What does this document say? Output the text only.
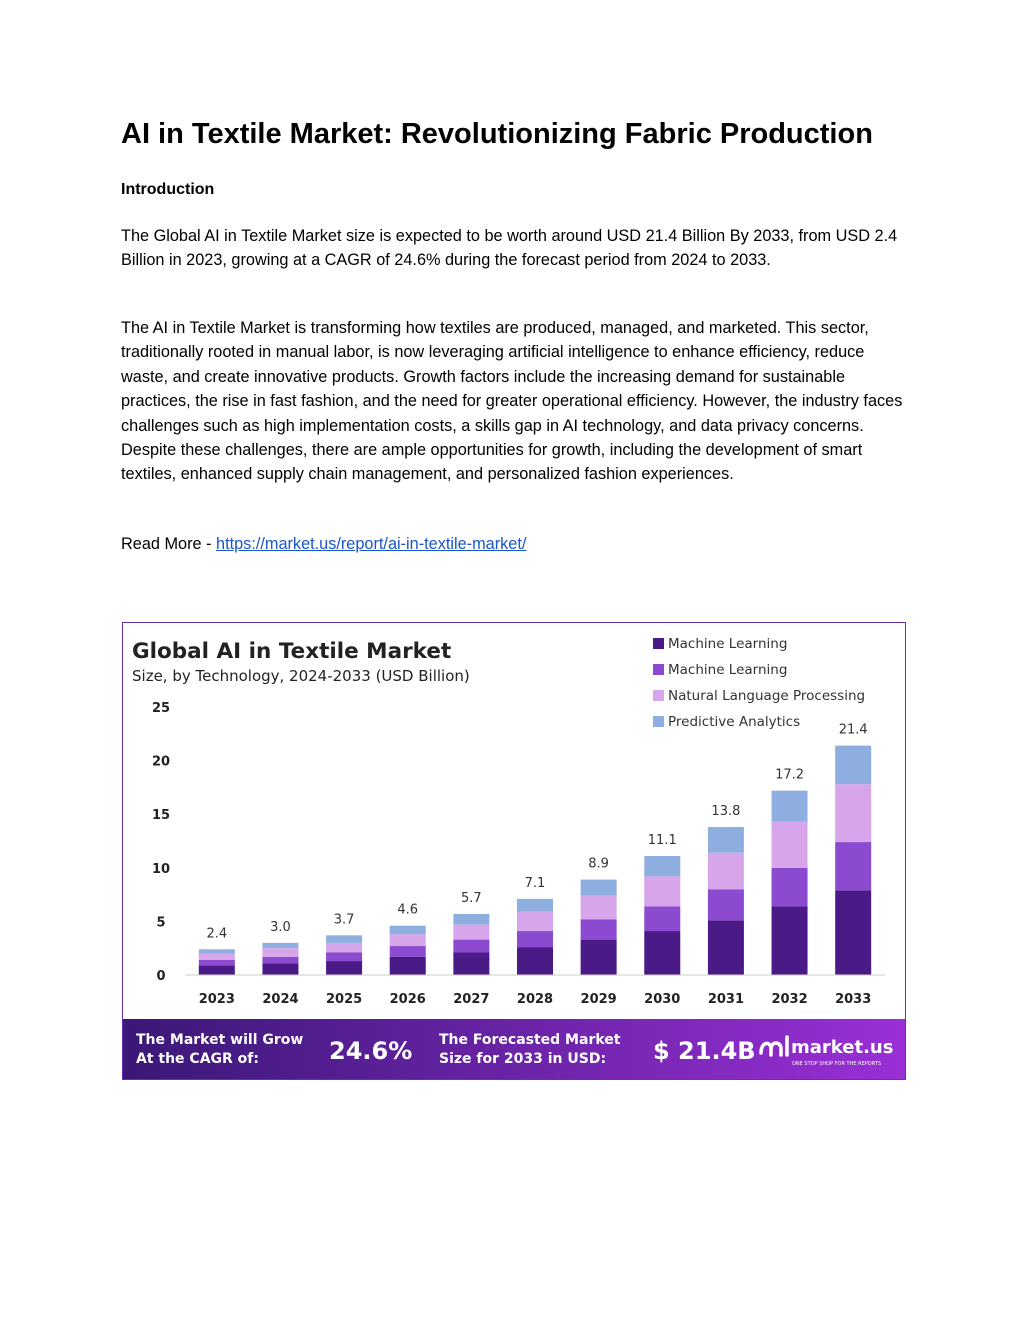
AI in Textile Market: Revolutionizing Fabric Production

Introduction

The Global AI in Textile Market size is expected to be worth around USD 21.4 Billion By 2033, from USD 2.4 Billion in 2023, growing at a CAGR of 24.6% during the forecast period from 2024 to 2033.

The AI in Textile Market is transforming how textiles are produced, managed, and marketed. This sector, traditionally rooted in manual labor, is now leveraging artificial intelligence to enhance efficiency, reduce waste, and create innovative products. Growth factors include the increasing demand for sustainable practices, the rise in fast fashion, and the need for greater operational efficiency. However, the industry faces challenges such as high implementation costs, a skills gap in AI technology, and data privacy concerns. Despite these challenges, there are ample opportunities for growth, including the development of smart textiles, enhanced supply chain management, and personalized fashion experiences.

Read More - https://market.us/report/ai-in-textile-market/

Global AI in Textile Market
Size, by Technology, 2024-2033 (USD Billion)
Machine Learning
Machine Learning
Natural Language Processing
Predictive Analytics
0
5
10
15
20
25
2.4	3.0
3.7
4.6
5.7
7.1
8.9
11.1
13.8
17.2
21.4
2023 2024 2025 2026 2027 2028 2029 2030 2031 2032 2033
The Market will Grow
At the CAGR of:	24.6% The Forecasted Market
Size for 2033 in USD: $ 21.4B market.us
ONE STOP SHOP FOR THE REPORTS
